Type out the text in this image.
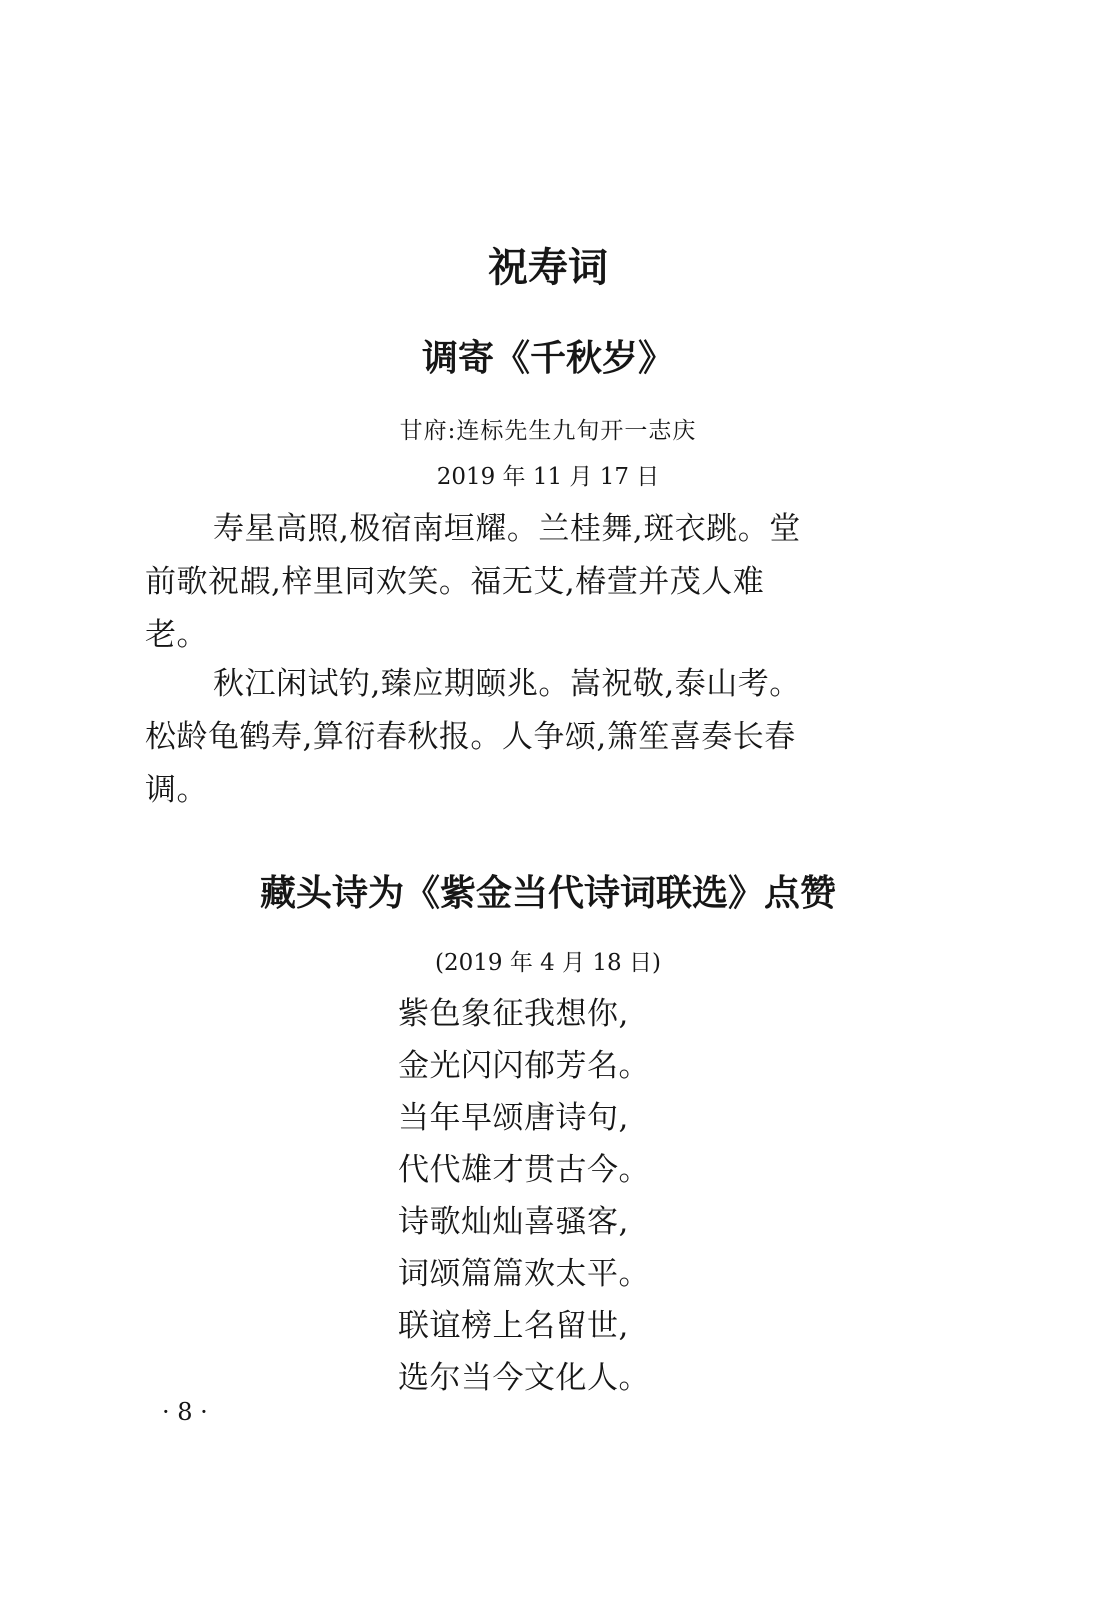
祝寿词
调寄《千秋岁》
甘府:连标先生九旬开一志庆
2019 年 11 月 17 日
寿星高照,极宿南垣耀。兰桂舞,斑衣跳。堂
前歌祝嘏,梓里同欢笑。福无艾,椿萱并茂人难
老。
秋江闲试钓,臻应期颐兆。嵩祝敬,泰山考。
松龄龟鹤寿,算衍春秋报。人争颂,箫笙喜奏长春
调。
藏头诗为《紫金当代诗词联选》点赞
(2019 年 4 月 18 日)
紫色象征我想你,
金光闪闪郁芳名。
当年早颂唐诗句,
代代雄才贯古今。
诗歌灿灿喜骚客,
词颂篇篇欢太平。
联谊榜上名留世,
选尔当今文化人。
· 8 ·
